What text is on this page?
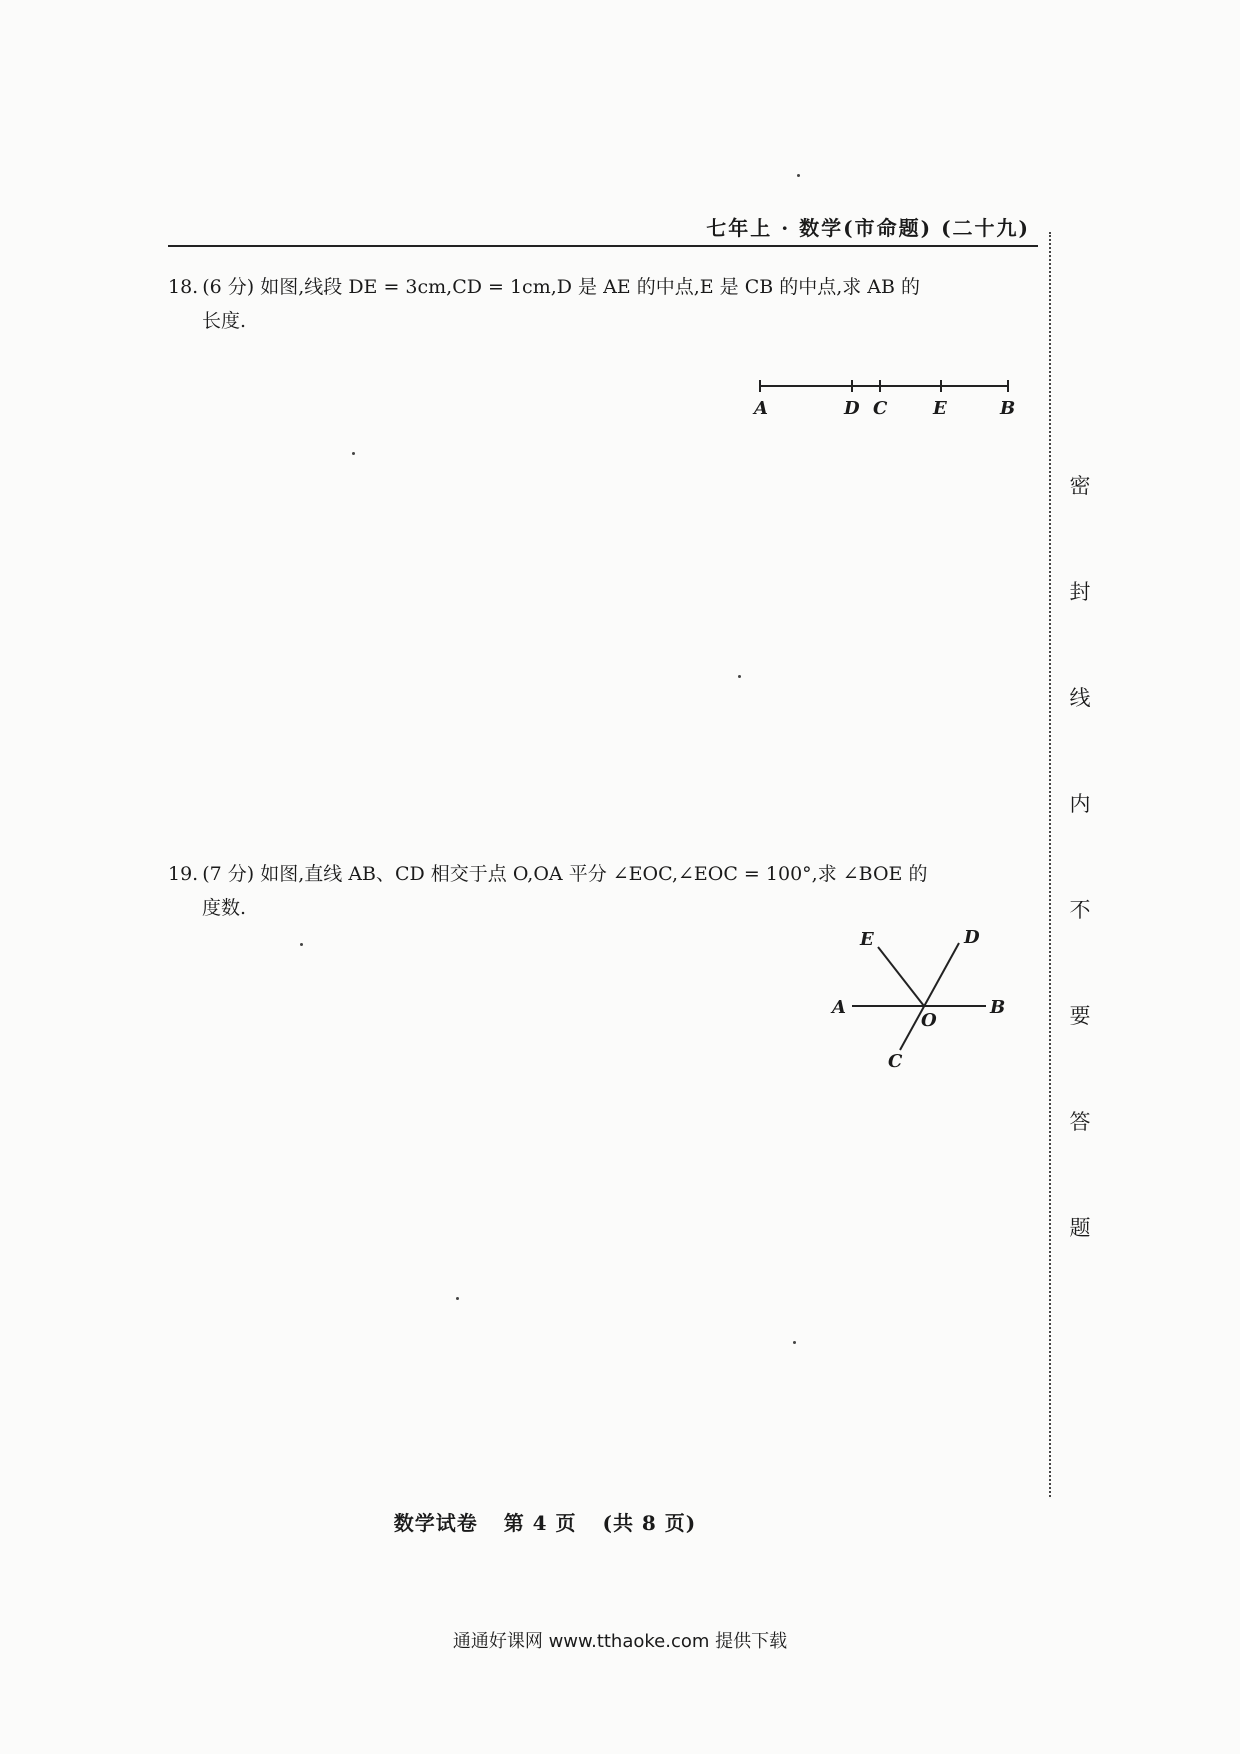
七年上 · 数学(市命题) (二十九)
密
封
线
内
不
要
答
题

18. (6 分) 如图,线段 DE = 3cm,CD = 1cm,D 是 AE 的中点,E 是 CB 的中点,求 AB 的

长度.

A	D C	E	B

19. (7 分) 如图,直线 AB、CD 相交于点 O,OA 平分 ∠EOC,∠EOC = 100°,求 ∠BOE 的

度数.

E	D
A
O
B
C
数学试卷 第 4 页 (共 8 页)
通通好课网 www.tthaoke.com 提供下载
